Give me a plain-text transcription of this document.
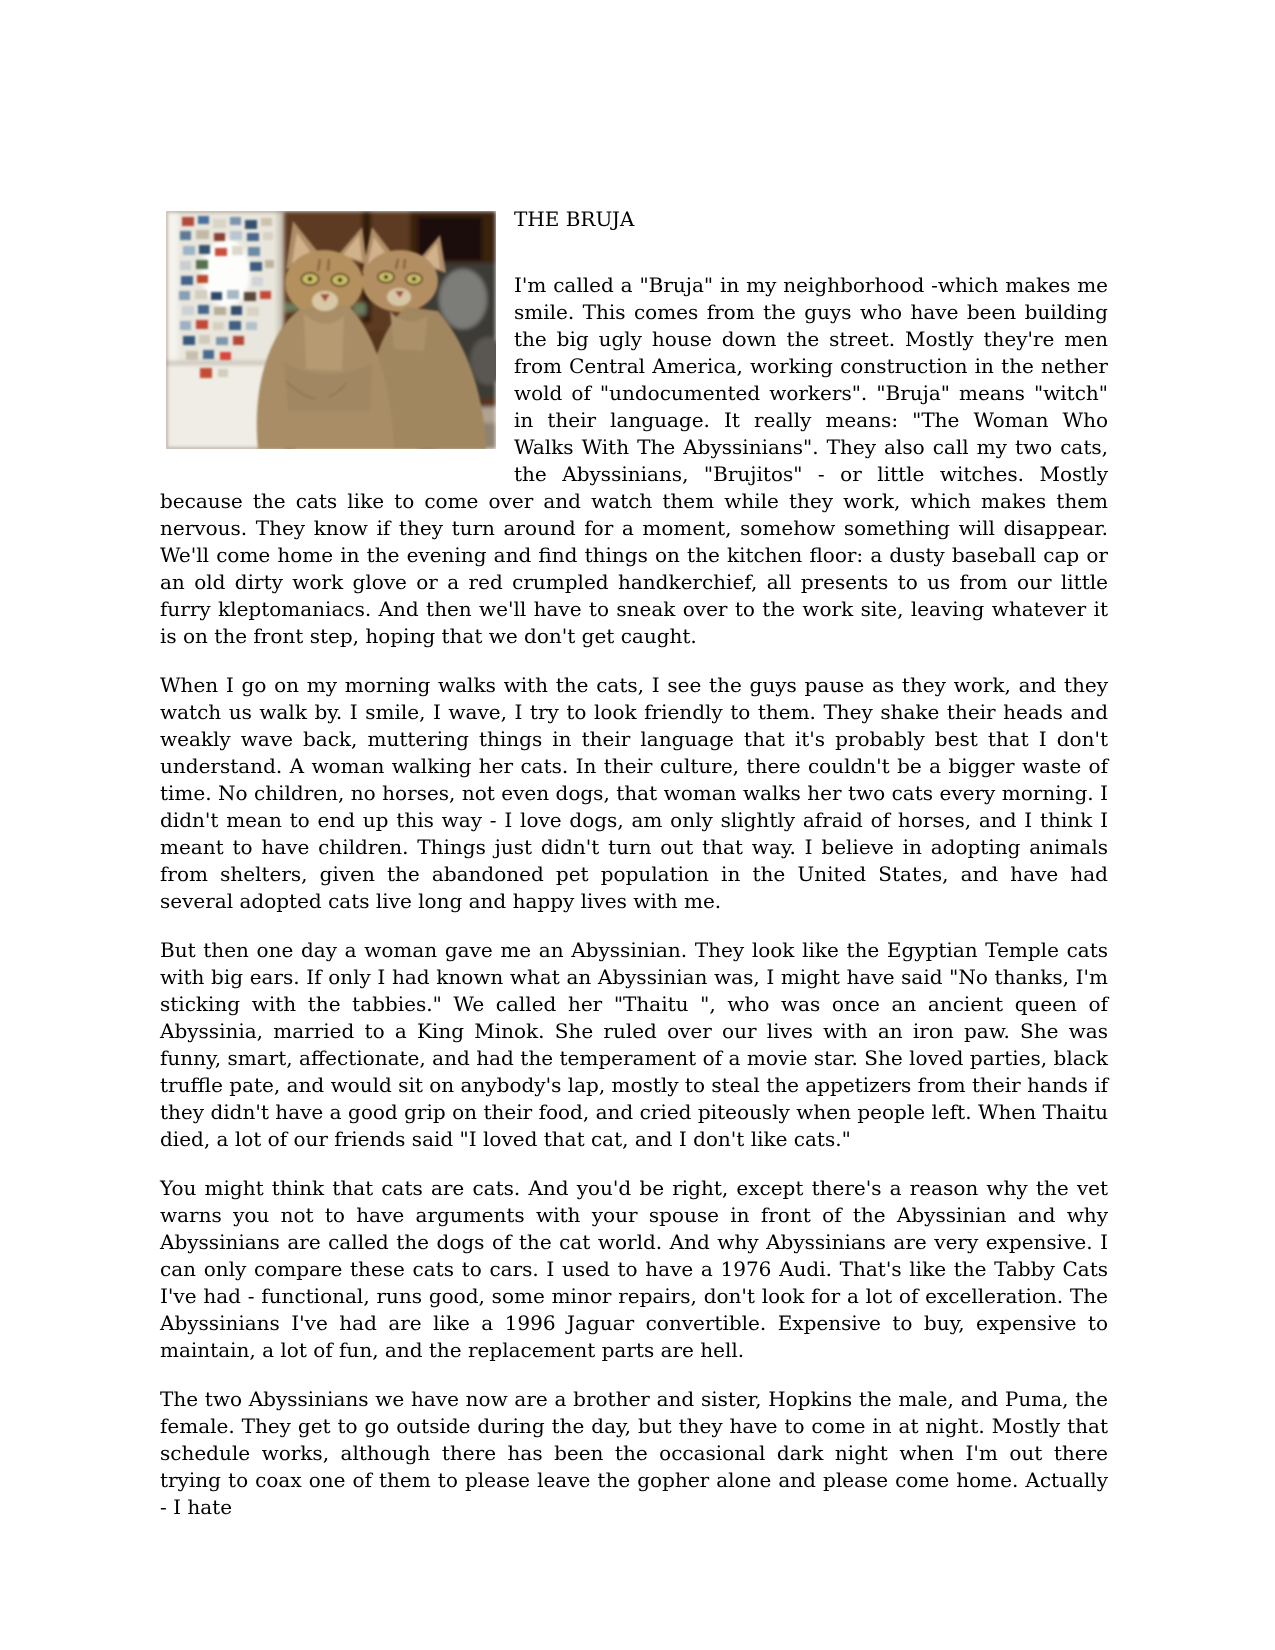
THE BRUJA

I'm called a "Bruja" in my neighborhood -which makes me smile. This comes from the guys who have been building the big ugly house down the street. Mostly they're men from Central America, working construction in the nether wold of "undocumented workers". "Bruja" means "witch" in their language. It really means: "The Woman Who Walks With The Abyssinians". They also call my two cats, the Abyssinians, "Brujitos" - or little witches. Mostly because the cats like to come over and watch them while they work, which makes them nervous. They know if they turn around for a moment, somehow something will disappear. We'll come home in the evening and find things on the kitchen floor: a dusty baseball cap or an old dirty work glove or a red crumpled handkerchief, all presents to us from our little furry kleptomaniacs. And then we'll have to sneak over to the work site, leaving whatever it is on the front step, hoping that we don't get caught.

When I go on my morning walks with the cats, I see the guys pause as they work, and they watch us walk by. I smile, I wave, I try to look friendly to them. They shake their heads and weakly wave back, muttering things in their language that it's probably best that I don't understand. A woman walking her cats. In their culture, there couldn't be a bigger waste of time. No children, no horses, not even dogs, that woman walks her two cats every morning. I didn't mean to end up this way - I love dogs, am only slightly afraid of horses, and I think I meant to have children. Things just didn't turn out that way. I believe in adopting animals from shelters, given the abandoned pet population in the United States, and have had several adopted cats live long and happy lives with me.

But then one day a woman gave me an Abyssinian. They look like the Egyptian Temple cats with big ears. If only I had known what an Abyssinian was, I might have said "No thanks, I'm sticking with the tabbies." We called her "Thaitu ", who was once an ancient queen of Abyssinia, married to a King Minok. She ruled over our lives with an iron paw. She was funny, smart, affectionate, and had the temperament of a movie star. She loved parties, black truffle pate, and would sit on anybody's lap, mostly to steal the appetizers from their hands if they didn't have a good grip on their food, and cried piteously when people left. When Thaitu died, a lot of our friends said "I loved that cat, and I don't like cats."

You might think that cats are cats. And you'd be right, except there's a reason why the vet warns you not to have arguments with your spouse in front of the Abyssinian and why Abyssinians are called the dogs of the cat world. And why Abyssinians are very expensive. I can only compare these cats to cars. I used to have a 1976 Audi. That's like the Tabby Cats I've had - functional, runs good, some minor repairs, don't look for a lot of excelleration. The Abyssinians I've had are like a 1996 Jaguar convertible. Expensive to buy, expensive to maintain, a lot of fun, and the replacement parts are hell.

The two Abyssinians we have now are a brother and sister, Hopkins the male, and Puma, the female. They get to go outside during the day, but they have to come in at night. Mostly that schedule works, although there has been the occasional dark night when I'm out there trying to coax one of them to please leave the gopher alone and please come home. Actually - I hate
